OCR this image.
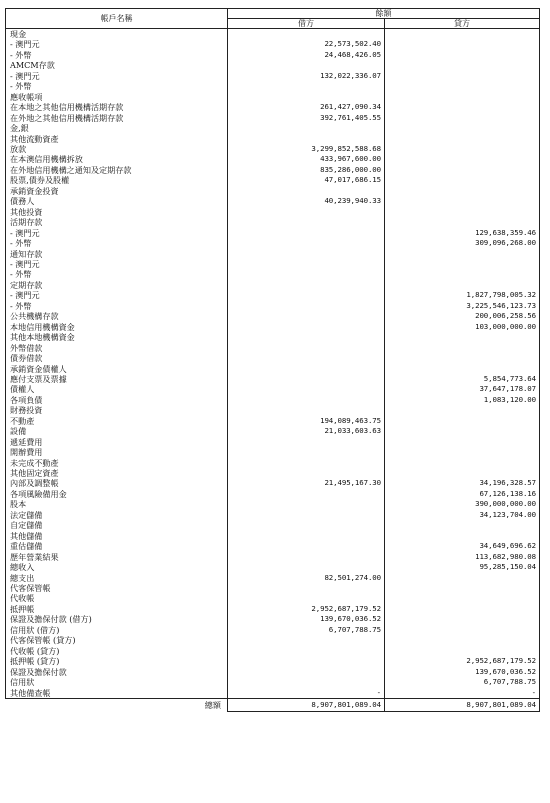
帳戶名稱	餘額	
	借方	貸方
現金		
- 澳門元	22,573,502.40	
- 外幣	24,468,426.05	
AMCM存款		
- 澳門元	132,022,336.07	
- 外幣		
應收帳項		
在本地之其他信用機構活期存款	261,427,090.34	
在外地之其他信用機構活期存款	392,761,405.55	
金,銀		
其他流動資產		
放款	3,299,852,588.68	
在本澳信用機構拆放	433,967,600.00	
在外地信用機構之通知及定期存款	835,286,000.00	
股票,債券及股權	47,017,686.15	
承銷資金投資		
債務人	40,239,940.33	
其他投資		
活期存款		
- 澳門元		129,638,359.46
- 外幣		309,096,268.00
通知存款		
- 澳門元		
- 外幣		
定期存款		
- 澳門元		1,827,798,005.32
- 外幣		3,225,546,123.73
公共機構存款		200,006,258.56
本地信用機構資金		103,000,000.00
其他本地機構資金		
外幣借款		
債券借款		
承銷資金債權人		
應付支票及票據		5,854,773.64
債權人		37,647,178.07
各項負債		1,083,120.00
財務投資		
不動產	194,089,463.75	
設備	21,033,603.63	
遞延費用		
開辦費用		
未完成不動產		
其他固定資產		
內部及調整帳	21,495,167.30	34,196,328.57
各項風險備用金		67,126,138.16
股本		390,000,000.00
法定儲備		34,123,704.00
自定儲備		
其他儲備		
重估儲備		34,649,696.62
歷年營業結果		113,682,980.08
總收入		95,285,150.04
總支出	82,501,274.00	
代客保管帳		
代收帳		
抵押帳	2,952,687,179.52	
保證及擔保付款 (借方)	139,670,036.52	
信用狀 (借方)	6,707,788.75	
代客保管帳 (貸方)		
代收帳 (貸方)		
抵押帳 (貸方)		2,952,687,179.52
保證及擔保付款		139,670,036.52
信用狀		6,707,788.75
其他備查帳	-	-
總額	8,907,801,089.04	8,907,801,089.04
